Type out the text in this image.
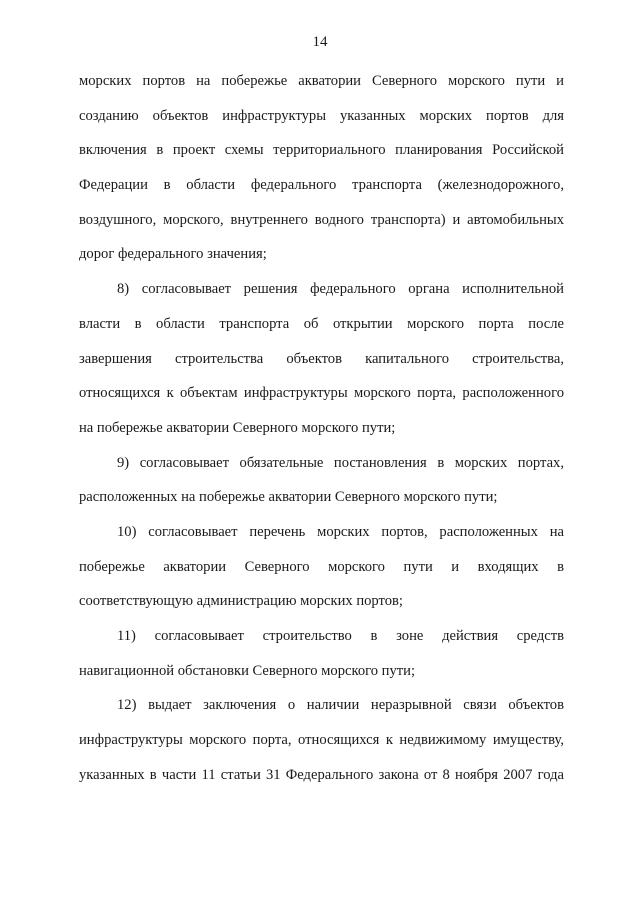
14
морских портов на побережье акватории Северного морского пути и
созданию объектов инфраструктуры указанных морских портов для
включения в проект схемы территориального планирования Российской
Федерации в области федерального транспорта (железнодорожного,
воздушного, морского, внутреннего водного транспорта) и автомобильных
дорог федерального значения;
8) согласовывает решения федерального органа исполнительной
власти в области транспорта об открытии морского порта после
завершения строительства объектов капитального строительства,
относящихся к объектам инфраструктуры морского порта, расположенного
на побережье акватории Северного морского пути;
9) согласовывает обязательные постановления в морских портах,
расположенных на побережье акватории Северного морского пути;
10) согласовывает перечень морских портов, расположенных на
побережье акватории Северного морского пути и входящих в
соответствующую администрацию морских портов;
11) согласовывает строительство в зоне действия средств
навигационной обстановки Северного морского пути;
12) выдает заключения о наличии неразрывной связи объектов
инфраструктуры морского порта, относящихся к недвижимому имуществу,
указанных в части 11 статьи 31 Федерального закона от 8 ноября 2007 года
